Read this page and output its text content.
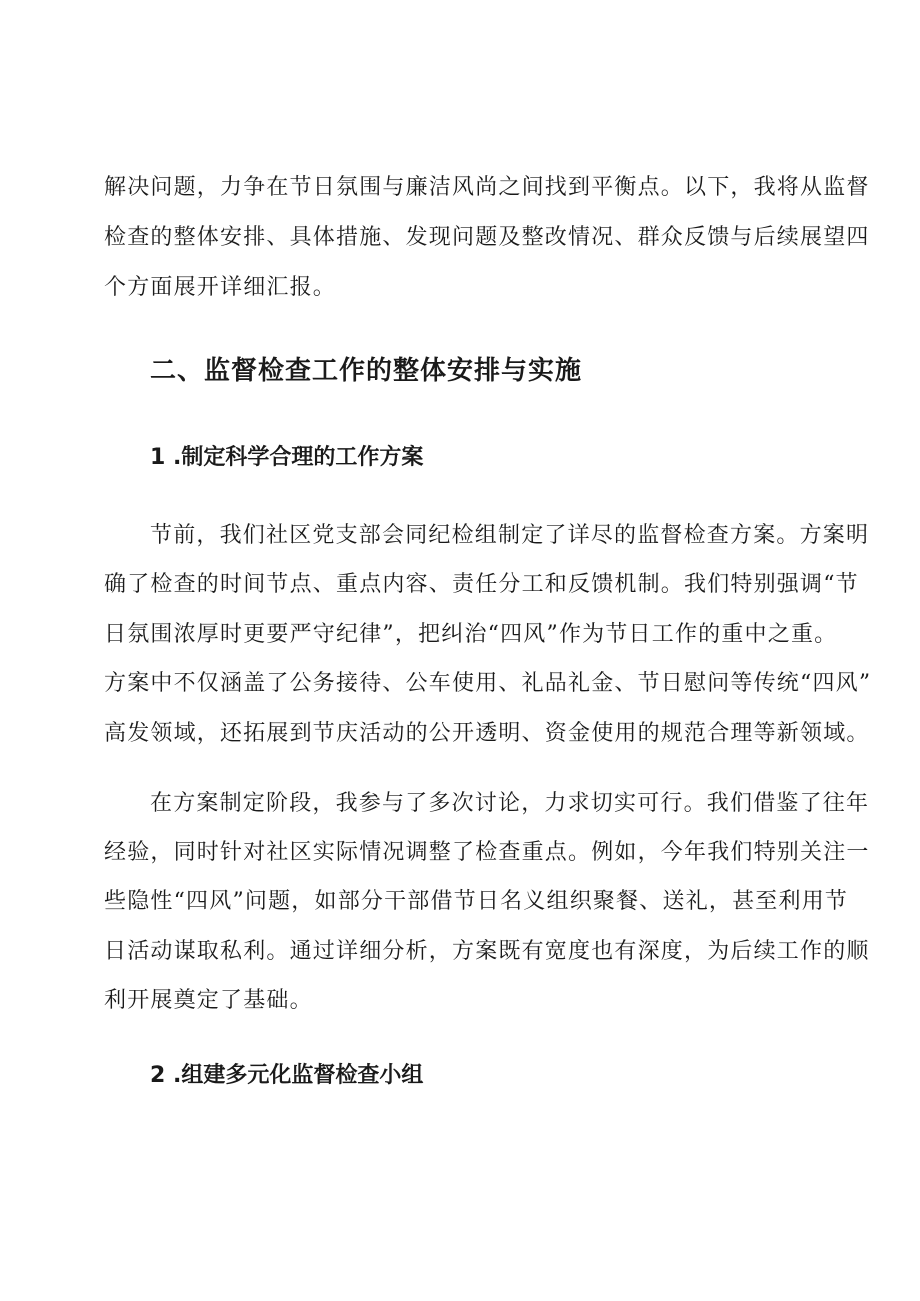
解决问题，力争在节日氛围与廉洁风尚之间找到平衡点。以下，我将从监督
检查的整体安排、具体措施、发现问题及整改情况、群众反馈与后续展望四
个方面展开详细汇报。
二、监督检查工作的整体安排与实施
1 .制定科学合理的工作方案
节前，我们社区党支部会同纪检组制定了详尽的监督检查方案。方案明
确了检查的时间节点、重点内容、责任分工和反馈机制。我们特别强调“节
日氛围浓厚时更要严守纪律”，把纠治“四风”作为节日工作的重中之重。
方案中不仅涵盖了公务接待、公车使用、礼品礼金、节日慰问等传统“四风”
高发领域，还拓展到节庆活动的公开透明、资金使用的规范合理等新领域。
在方案制定阶段，我参与了多次讨论，力求切实可行。我们借鉴了往年
经验，同时针对社区实际情况调整了检查重点。例如，今年我们特别关注一
些隐性“四风”问题，如部分干部借节日名义组织聚餐、送礼，甚至利用节
日活动谋取私利。通过详细分析，方案既有宽度也有深度，为后续工作的顺
利开展奠定了基础。
2 .组建多元化监督检查小组
